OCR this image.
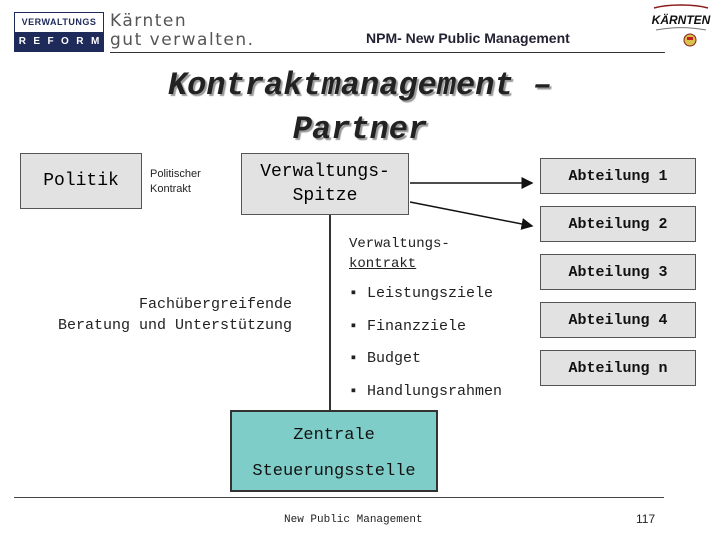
VERWALTUNGS
R E F O R M
Kärnten
gut verwalten.	NPM- New Public Management
KÄRNTEN
Kontraktmanagement –
Partner
Politik	Politischer
Kontrakt
Verwaltungs-
Spitze
Verwaltungs-
kontrakt
▪ Leistungsziele
▪ Finanzziele
▪ Budget
▪ Handlungsrahmen
Fachübergreifende
Beratung und Unterstützung
Abteilung 1
Abteilung 2
Abteilung 3
Abteilung 4
Abteilung n
Zentrale
Steuerungsstelle
New Public Management	117
